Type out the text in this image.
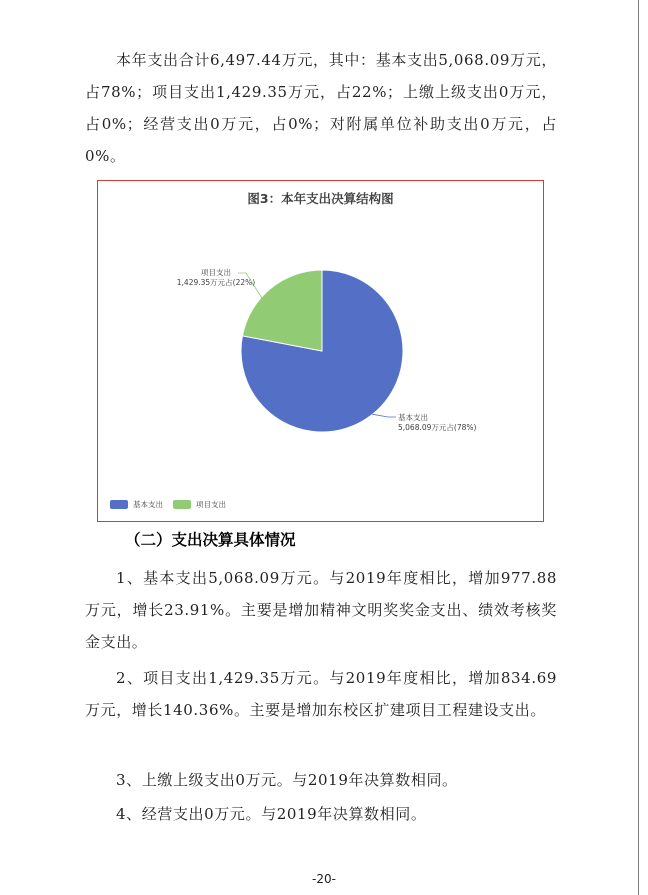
本年支出合计6,497.44万元，其中：基本支出5,068.09万元，占78%；项目支出1,429.35万元，占22%；上缴上级支出0万元，占0%；经营支出0万元，占0%；对附属单位补助支出0万元，占0%。

图3：本年支出决算结构图
项目支出
1,429.35万元占(22%)
基本支出
5,068.09万元占(78%)
基本支出	项目支出
（二）支出决算具体情况

1、基本支出5,068.09万元。与2019年度相比，增加977.88万元，增长23.91%。主要是增加精神文明奖奖金支出、绩效考核奖金支出。

2、项目支出1,429.35万元。与2019年度相比，增加834.69万元，增长140.36%。主要是增加东校区扩建项目工程建设支出。

3、上缴上级支出0万元。与2019年决算数相同。

4、经营支出0万元。与2019年决算数相同。

-20-
